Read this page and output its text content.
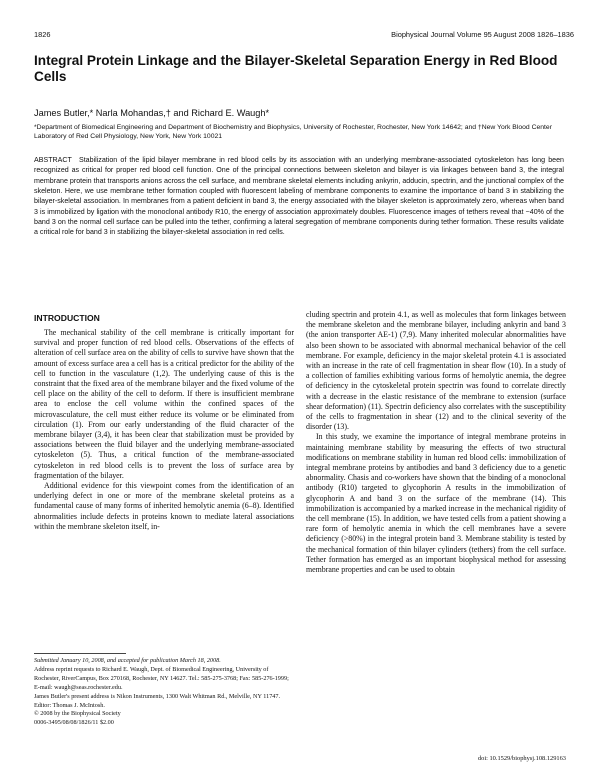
1826	Biophysical Journal Volume 95 August 2008 1826–1836
Integral Protein Linkage and the Bilayer-Skeletal Separation Energy in Red Blood Cells

James Butler,* Narla Mohandas,† and Richard E. Waugh*

*Department of Biomedical Engineering and Department of Biochemistry and Biophysics, University of Rochester, Rochester, New York 14642; and †New York Blood Center Laboratory of Red Cell Physiology, New York, New York 10021

ABSTRACT Stabilization of the lipid bilayer membrane in red blood cells by its association with an underlying membrane-associated cytoskeleton has long been recognized as critical for proper red blood cell function. One of the principal connections between skeleton and bilayer is via linkages between band 3, the integral membrane protein that transports anions across the cell surface, and membrane skeletal elements including ankyrin, adducin, spectrin, and the junctional complex of the skeleton. Here, we use membrane tether formation coupled with fluorescent labeling of membrane components to examine the importance of band 3 in stabilizing the bilayer-skeletal association. In membranes from a patient deficient in band 3, the energy associated with the bilayer skeleton is approximately zero, whereas when band 3 is immobilized by ligation with the monoclonal antibody R10, the energy of association approximately doubles. Fluorescence images of tethers reveal that ~40% of the band 3 on the normal cell surface can be pulled into the tether, confirming a lateral segregation of membrane components during tether formation. These results validate a critical role for band 3 in stabilizing the bilayer-skeletal association in red cells.

INTRODUCTION

The mechanical stability of the cell membrane is critically important for survival and proper function of red blood cells. Observations of the effects of alteration of cell surface area on the ability of cells to survive have shown that the amount of excess surface area a cell has is a critical predictor for the ability of the cell to function in the vasculature (1,2). The underlying cause of this is the constraint that the fixed area of the membrane bilayer and the fixed volume of the cell place on the ability of the cell to deform. If there is insufficient membrane area to enclose the cell volume within the confined spaces of the microvasculature, the cell must either reduce its volume or be eliminated from circulation (1). From our early understanding of the fluid character of the membrane bilayer (3,4), it has been clear that stabilization must be provided by associations between the fluid bilayer and the underlying membrane-associated cytoskeleton (5). Thus, a critical function of the membrane-associated cytoskeleton in red blood cells is to prevent the loss of surface area by fragmentation of the bilayer.

Additional evidence for this viewpoint comes from the identification of an underlying defect in one or more of the membrane skeletal proteins as a fundamental cause of many forms of inherited hemolytic anemia (6–8). Identified abnormalities include defects in proteins known to mediate lateral associations within the membrane skeleton itself, in-

cluding spectrin and protein 4.1, as well as molecules that form linkages between the membrane skeleton and the membrane bilayer, including ankyrin and band 3 (the anion transporter AE-1) (7,9). Many inherited molecular abnormalities have also been shown to be associated with abnormal mechanical behavior of the cell membrane. For example, deficiency in the major skeletal protein 4.1 is associated with an increase in the rate of cell fragmentation in shear flow (10). In a study of a collection of families exhibiting various forms of hemolytic anemia, the degree of deficiency in the cytoskeletal protein spectrin was found to correlate directly with a decrease in the elastic resistance of the membrane to extension (surface shear deformation) (11). Spectrin deficiency also correlates with the susceptibility of the cells to fragmentation in shear (12) and to the clinical severity of the disorder (13).

In this study, we examine the importance of integral membrane proteins in maintaining membrane stability by measuring the effects of two structural modifications on membrane stability in human red blood cells: immobilization of integral membrane proteins by antibodies and band 3 deficiency due to a genetic abnormality. Chasis and co-workers have shown that the binding of a monoclonal antibody (R10) targeted to glycophorin A results in the immobilization of glycophorin A and band 3 on the surface of the membrane (14). This immobilization is accompanied by a marked increase in the mechanical rigidity of the cell membrane (15). In addition, we have tested cells from a patient showing a rare form of hemolytic anemia in which the cell membranes have a severe deficiency (>80%) in the integral protein band 3. Membrane stability is tested by the mechanical formation of thin bilayer cylinders (tethers) from the cell surface. Tether formation has emerged as an important biophysical method for assessing membrane properties and can be used to obtain

Submitted January 10, 2008, and accepted for publication March 18, 2008.

Address reprint requests to Richard E. Waugh, Dept. of Biomedical Engineering, University of Rochester, RiverCampus, Box 270168, Rochester, NY 14627. Tel.: 585-275-3768; Fax: 585-276-1999; E-mail: waugh@seas.rochester.edu.

James Butler's present address is Nikon Instruments, 1300 Walt Whitman Rd., Melville, NY 11747.

Editor: Thomas J. McIntosh.

© 2008 by the Biophysical Society

0006-3495/08/08/1826/11 $2.00

doi: 10.1529/biophysj.108.129163
